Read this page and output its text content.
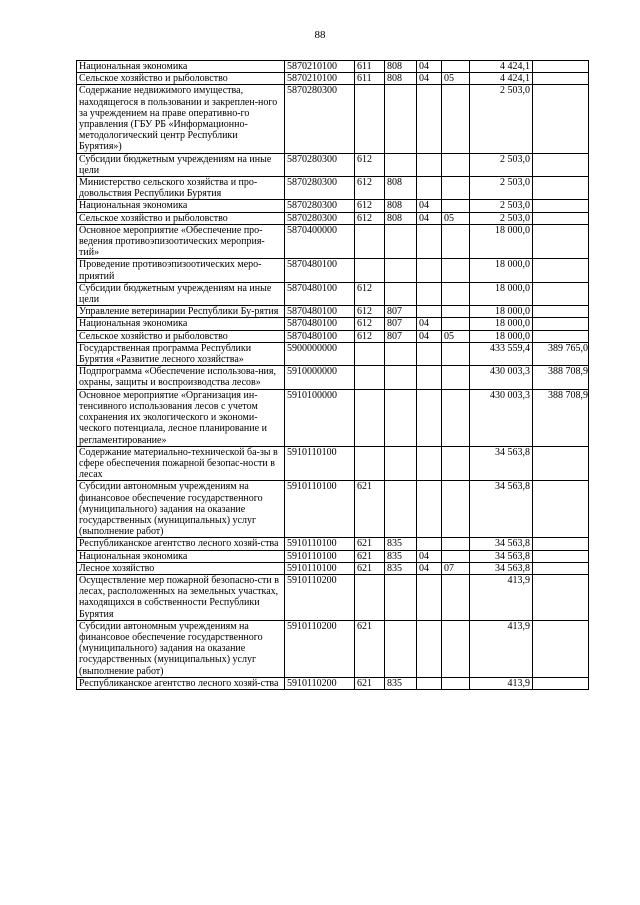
88
Национальная экономика	5870210100	611	808	04		4 424,1	
Сельское хозяйство и рыболовство	5870210100	611	808	04	05	4 424,1	
Содержание недвижимого имущества, находящегося в пользовании и закреплен-ного за учреждением на праве оперативно-го управления (ГБУ РБ «Информационно-методологический центр Республики Бурятия»)	5870280300					2 503,0	
Субсидии бюджетным учреждениям на иные цели	5870280300	612				2 503,0	
Министерство сельского хозяйства и про-довольствия Республики Бурятия	5870280300	612	808			2 503,0	
Национальная экономика	5870280300	612	808	04		2 503,0	
Сельское хозяйство и рыболовство	5870280300	612	808	04	05	2 503,0	
Основное мероприятие «Обеспечение про-ведения противоэпизоотических мероприя-тий»	5870400000					18 000,0	
Проведение противоэпизоотических меро-приятий	5870480100					18 000,0	
Субсидии бюджетным учреждениям на иные цели	5870480100	612				18 000,0	
Управление ветеринарии Республики Бу-рятия	5870480100	612	807			18 000,0	
Национальная экономика	5870480100	612	807	04		18 000,0	
Сельское хозяйство и рыболовство	5870480100	612	807	04	05	18 000,0	
Государственная программа Республики Бурятия «Развитие лесного хозяйства»	5900000000					433 559,4	389 765,0
Подпрограмма «Обеспечение использова-ния, охраны, защиты и воспроизводства лесов»	5910000000					430 003,3	388 708,9
Основное мероприятие «Организация ин-тенсивного использования лесов с учетом сохранения их экологического и экономи-ческого потенциала, лесное планирование и регламентирование»	5910100000					430 003,3	388 708,9
Содержание материально-технической ба-зы в сфере обеспечения пожарной безопас-ности в лесах	5910110100					34 563,8	
Субсидии автономным учреждениям на финансовое обеспечение государственного (муниципального) задания на оказание государственных (муниципальных) услуг (выполнение работ)	5910110100	621				34 563,8	
Республиканское агентство лесного хозяй-ства	5910110100	621	835			34 563,8	
Национальная экономика	5910110100	621	835	04		34 563,8	
Лесное хозяйство	5910110100	621	835	04	07	34 563,8	
Осуществление мер пожарной безопасно-сти в лесах, расположенных на земельных участках, находящихся в собственности Республики Бурятия	5910110200					413,9	
Субсидии автономным учреждениям на финансовое обеспечение государственного (муниципального) задания на оказание государственных (муниципальных) услуг (выполнение работ)	5910110200	621				413,9	
Республиканское агентство лесного хозяй-ства	5910110200	621	835			413,9	
